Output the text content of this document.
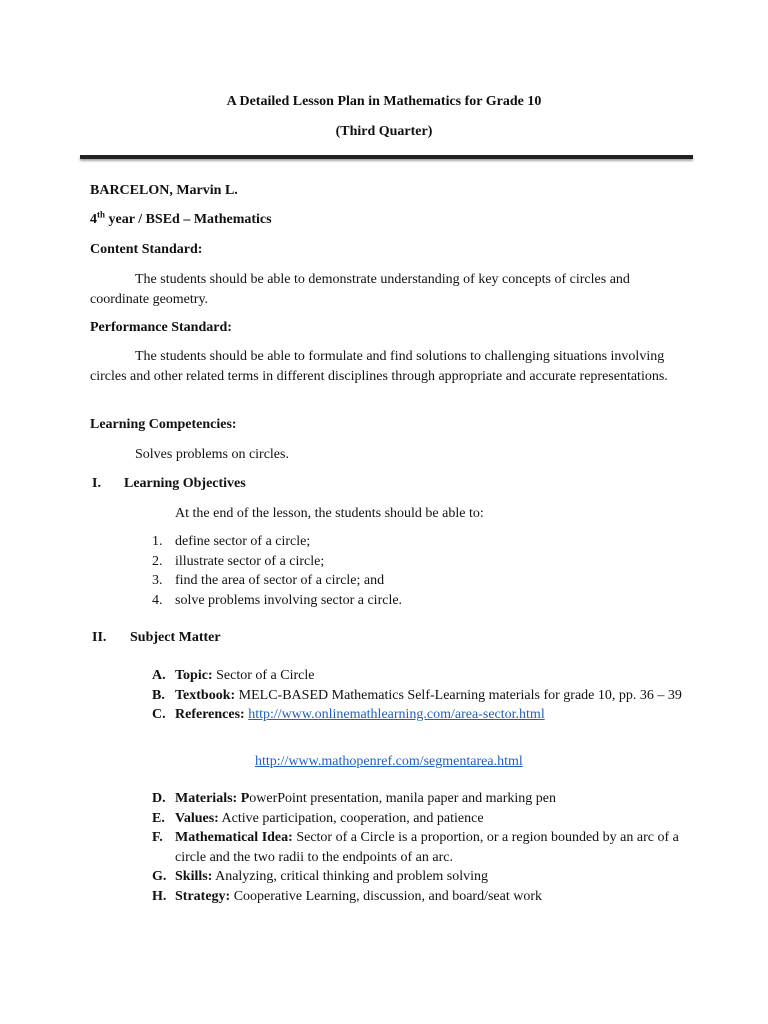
A Detailed Lesson Plan in Mathematics for Grade 10
(Third Quarter)
BARCELON, Marvin L.
4th year / BSEd – Mathematics
Content Standard:
The students should be able to demonstrate understanding of key concepts of circles and coordinate geometry.
Performance Standard:
The students should be able to formulate and find solutions to challenging situations involving circles and other related terms in different disciplines through appropriate and accurate representations.
Learning Competencies:
Solves problems on circles.
I. Learning Objectives
At the end of the lesson, the students should be able to:
1. define sector of a circle;
2. illustrate sector of a circle;
3. find the area of sector of a circle; and
4. solve problems involving sector a circle.
II. Subject Matter
A. Topic: Sector of a Circle
B. Textbook: MELC-BASED Mathematics Self-Learning materials for grade 10, pp. 36 – 39
C. References: http://www.onlinemathlearning.com/area-sector.html
http://www.mathopenref.com/segmentarea.html
D. Materials: PowerPoint presentation, manila paper and marking pen
E. Values: Active participation, cooperation, and patience
F. Mathematical Idea: Sector of a Circle is a proportion, or a region bounded by an arc of a circle and the two radii to the endpoints of an arc.
G. Skills: Analyzing, critical thinking and problem solving
H. Strategy: Cooperative Learning, discussion, and board/seat work
